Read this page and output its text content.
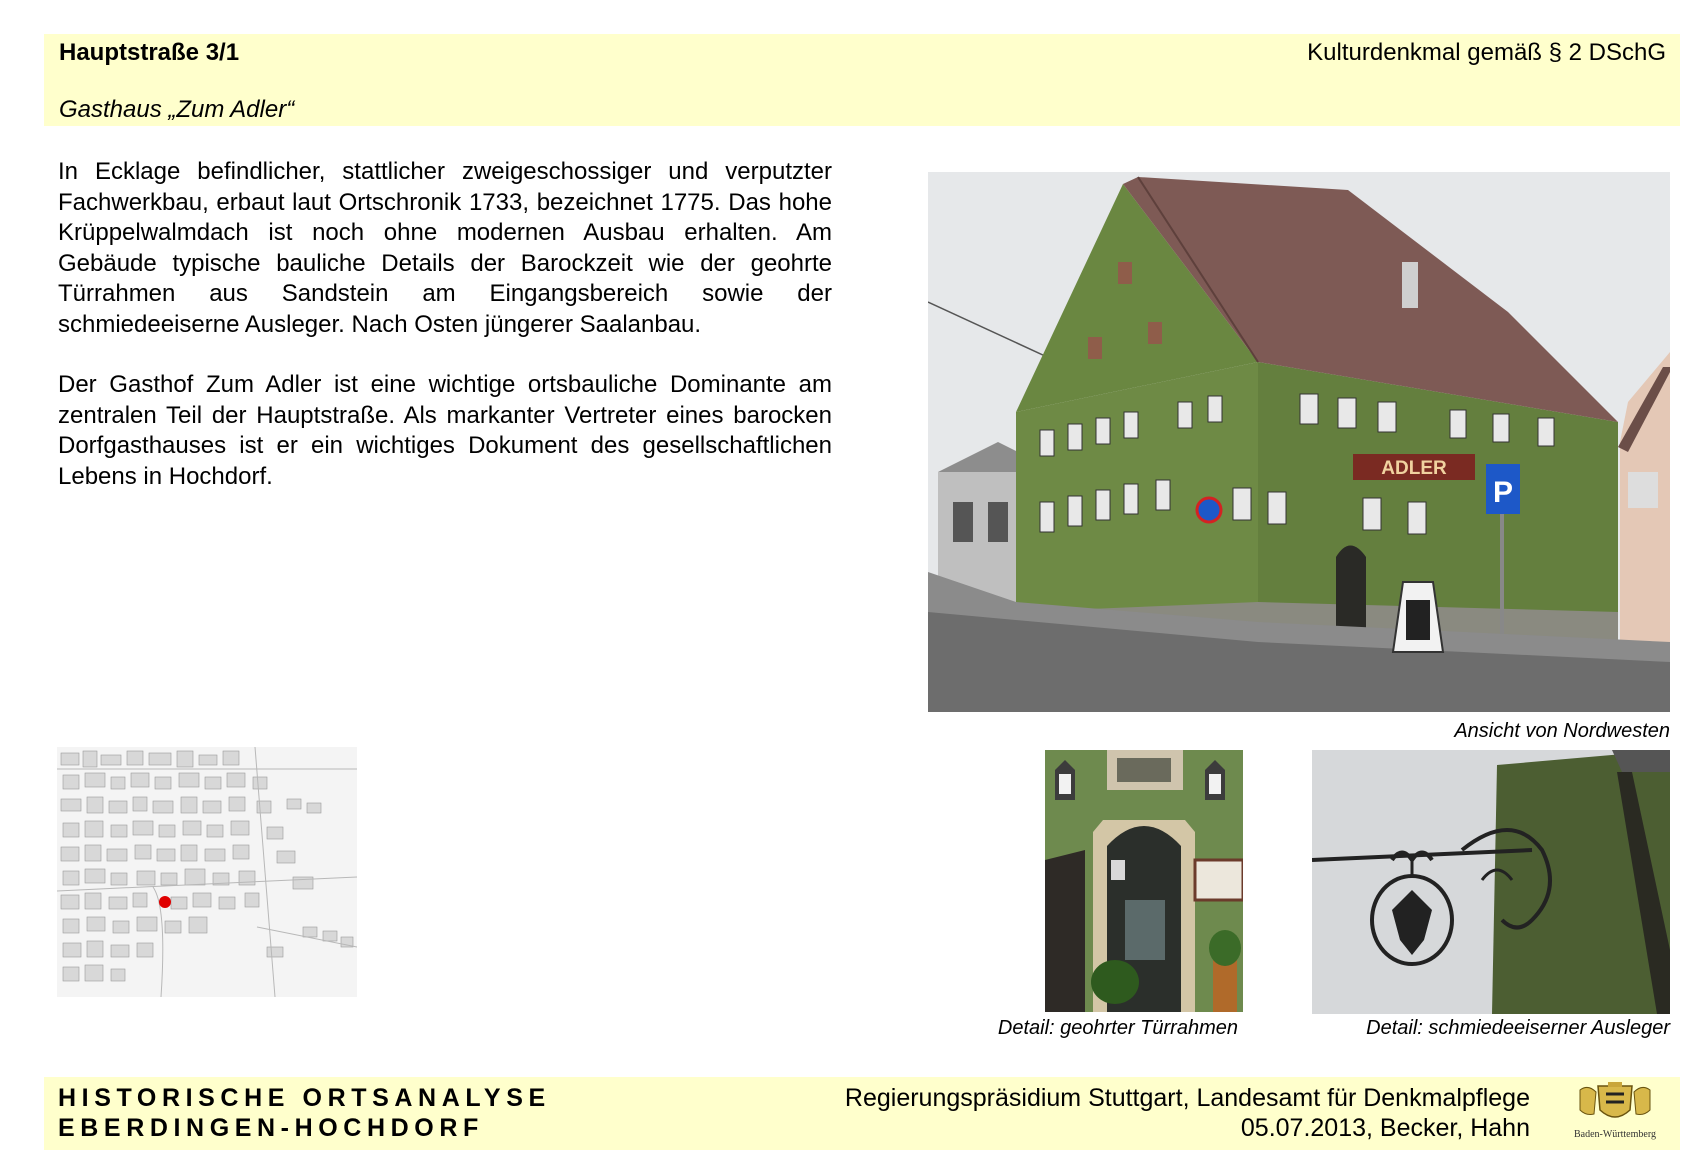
Hauptstraße 3/1	Kulturdenkmal gemäß § 2 DSchG
Gasthaus „Zum Adler“

In Ecklage befindlicher, stattlicher zweigeschossiger und verputzter Fachwerkbau, erbaut laut Ortschronik 1733, bezeichnet 1775. Das hohe Krüppelwalmdach ist noch ohne modernen Ausbau erhalten. Am Gebäude typische bauliche Details der Barockzeit wie der geohrte Türrahmen aus Sandstein am Eingangsbereich sowie der schmiedeeiserne Ausleger. Nach Osten jüngerer Saalanbau.

Der Gasthof Zum Adler ist eine wichtige ortsbauliche Dominante am zentralen Teil der Hauptstraße. Als markanter Vertreter eines barocken Dorfgasthauses ist er ein wichtiges Dokument des gesellschaftlichen Lebens in Hochdorf.	ADLER
P
Ansicht von Nordwesten
Detail: geohrter Türrahmen	Detail: schmiedeeiserner Ausleger
HISTORISCHE ORTSANALYSE
EBERDINGEN-HOCHDORF
Regierungspräsidium Stuttgart, Landesamt für Denkmalpflege
05.07.2013, Becker, Hahn	Baden-Württemberg
